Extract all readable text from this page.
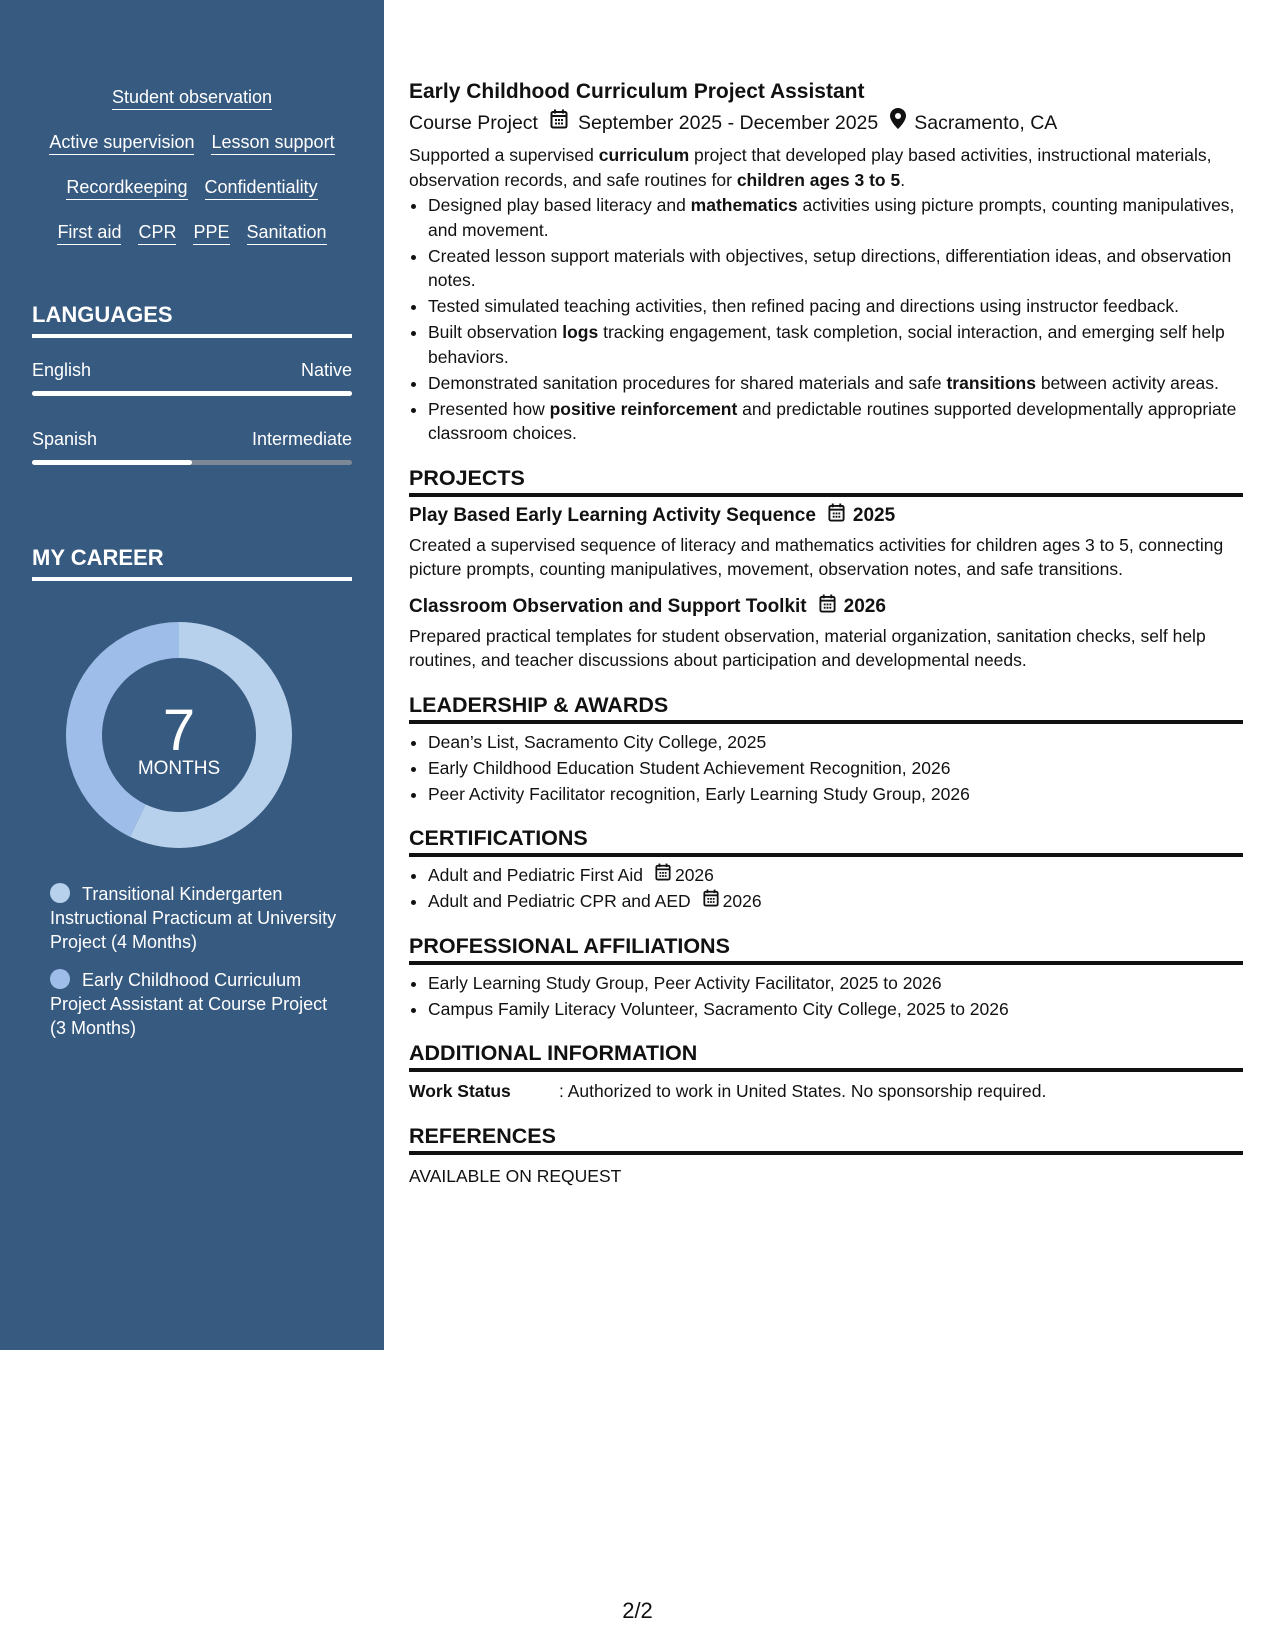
Student observation
Active supervision Lesson support
Recordkeeping Confidentiality
First aid CPR PPE Sanitation
LANGUAGES
English	Native
Spanish	Intermediate
MY CAREER
7
MONTHS
Transitional Kindergarten Instructional Practicum at University Project (4 Months)
Early Childhood Curriculum Project Assistant at Course Project (3 Months)
Early Childhood Curriculum Project Assistant
Course Project September 2025 - December 2025 Sacramento, CA

Supported a supervised curriculum project that developed play based activities, instructional materials, observation records, and safe routines for children ages 3 to 5.

• Designed play based literacy and mathematics activities using picture prompts, counting manipulatives, and movement.
• Created lesson support materials with objectives, setup directions, differentiation ideas, and observation notes.
• Tested simulated teaching activities, then refined pacing and directions using instructor feedback.
• Built observation logs tracking engagement, task completion, social interaction, and emerging self help behaviors.
• Demonstrated sanitation procedures for shared materials and safe transitions between activity areas.
• Presented how positive reinforcement and predictable routines supported developmentally appropriate classroom choices.
PROJECTS
Play Based Early Learning Activity Sequence 2025

Created a supervised sequence of literacy and mathematics activities for children ages 3 to 5, connecting picture prompts, counting manipulatives, movement, observation notes, and safe transitions.

Classroom Observation and Support Toolkit 2026

Prepared practical templates for student observation, material organization, sanitation checks, self help routines, and teacher discussions about participation and developmental needs.

LEADERSHIP & AWARDS
• Dean’s List, Sacramento City College, 2025
• Early Childhood Education Student Achievement Recognition, 2026
• Peer Activity Facilitator recognition, Early Learning Study Group, 2026
CERTIFICATIONS
• Adult and Pediatric First Aid 2026
• Adult and Pediatric CPR and AED 2026
PROFESSIONAL AFFILIATIONS
• Early Learning Study Group, Peer Activity Facilitator, 2025 to 2026
• Campus Family Literacy Volunteer, Sacramento City College, 2025 to 2026
ADDITIONAL INFORMATION
Work Status	: Authorized to work in United States. No sponsorship required.
REFERENCES
AVAILABLE ON REQUEST
2/2
